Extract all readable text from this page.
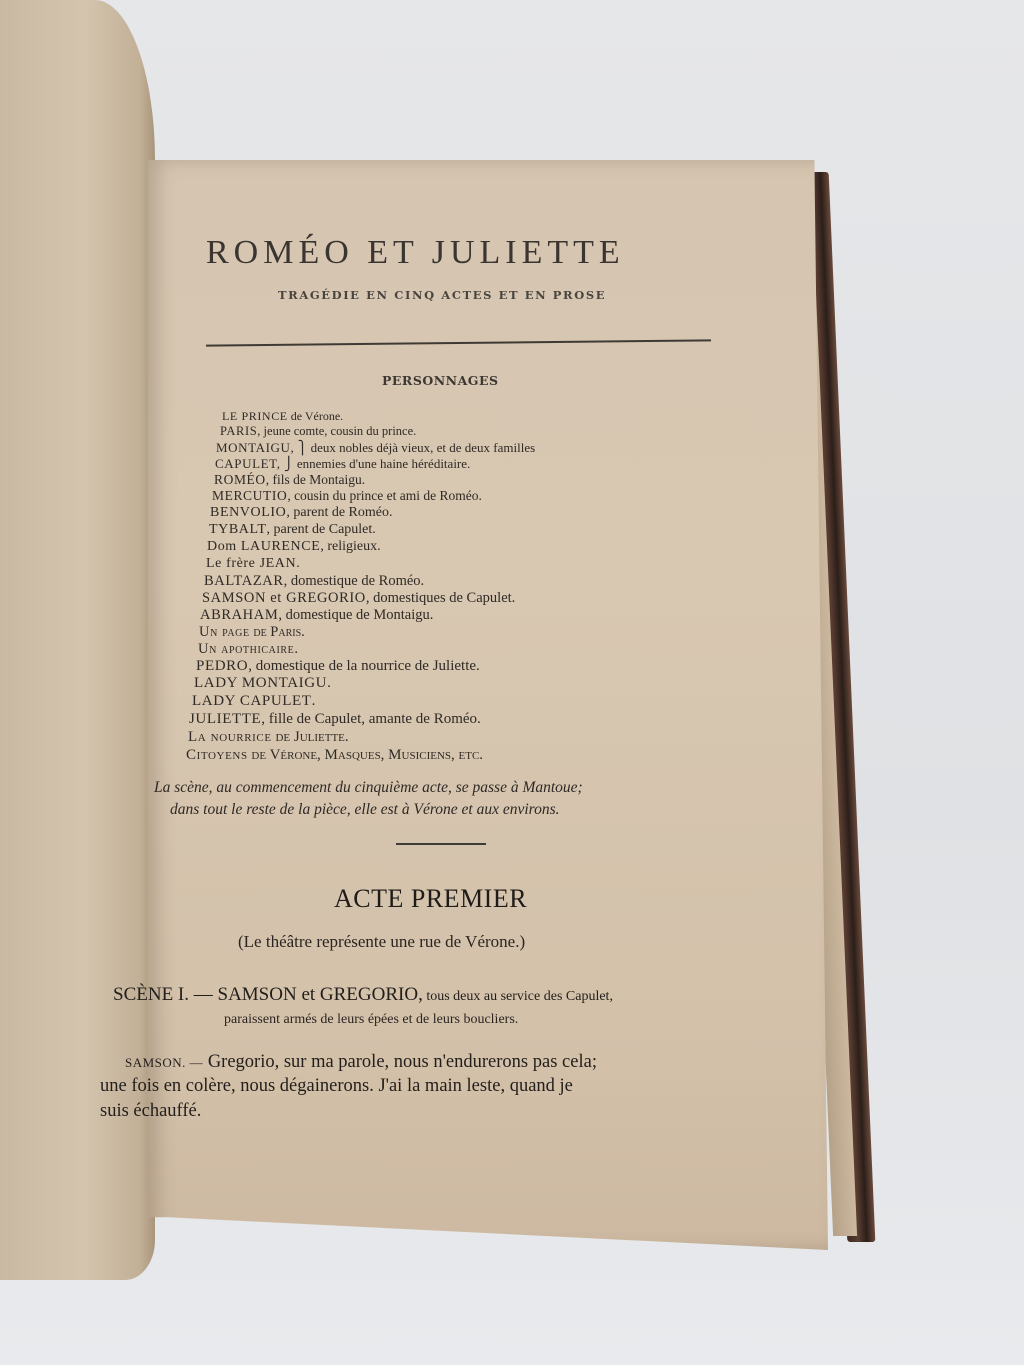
ROMÉO ET JULIETTE
TRAGÉDIE EN CINQ ACTES ET EN PROSE
PERSONNAGES
LE PRINCE de Vérone.
PARIS, jeune comte, cousin du prince.
MONTAIGU, ⎫ deux nobles déjà vieux, et de deux familles
CAPULET, ⎭ ennemies d'une haine héréditaire.
ROMÉO, fils de Montaigu.
MERCUTIO, cousin du prince et ami de Roméo.
BENVOLIO, parent de Roméo.
TYBALT, parent de Capulet.
Dom LAURENCE, religieux.
Le frère JEAN.
BALTAZAR, domestique de Roméo.
SAMSON et GREGORIO, domestiques de Capulet.
ABRAHAM, domestique de Montaigu.
Un page de Paris.
Un apothicaire.
PEDRO, domestique de la nourrice de Juliette.
LADY MONTAIGU.
LADY CAPULET.
JULIETTE, fille de Capulet, amante de Roméo.
La nourrice de Juliette.
Citoyens de Vérone, Masques, Musiciens, etc.
La scène, au commencement du cinquième acte, se passe à Mantoue;
dans tout le reste de la pièce, elle est à Vérone et aux environs.
ACTE PREMIER
(Le théâtre représente une rue de Vérone.)
SCÈNE I. — SAMSON et GREGORIO, tous deux au service des Capulet,
paraissent armés de leurs épées et de leurs boucliers.
SAMSON. — Gregorio, sur ma parole, nous n'endurerons pas cela;
une fois en colère, nous dégainerons. J'ai la main leste, quand je
suis échauffé.
